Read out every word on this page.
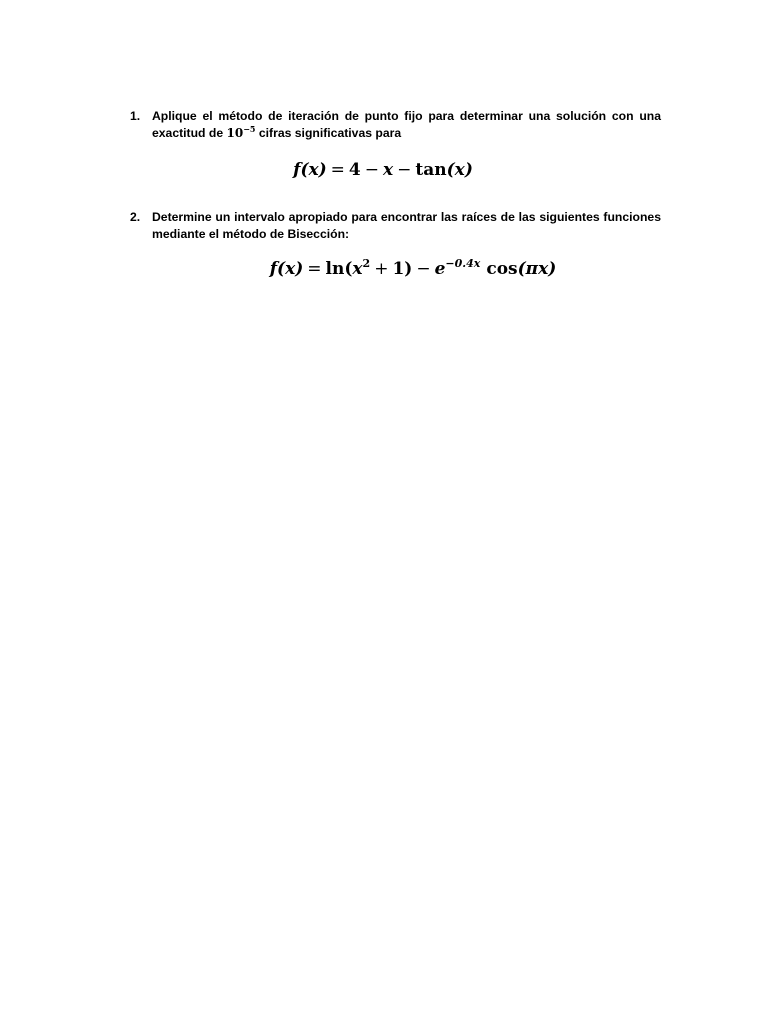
1. Aplique el método de iteración de punto fijo para determinar una solución con una exactitud de $10^{-5}$ cifras significativas para
f(x) = 4 − x − tan(x)
2. Determine un intervalo apropiado para encontrar las raíces de las siguientes funciones mediante el método de Bisección:
$f(x) = \ln(x^2 + 1) - e^{-0.4x}$ cos(πx)
